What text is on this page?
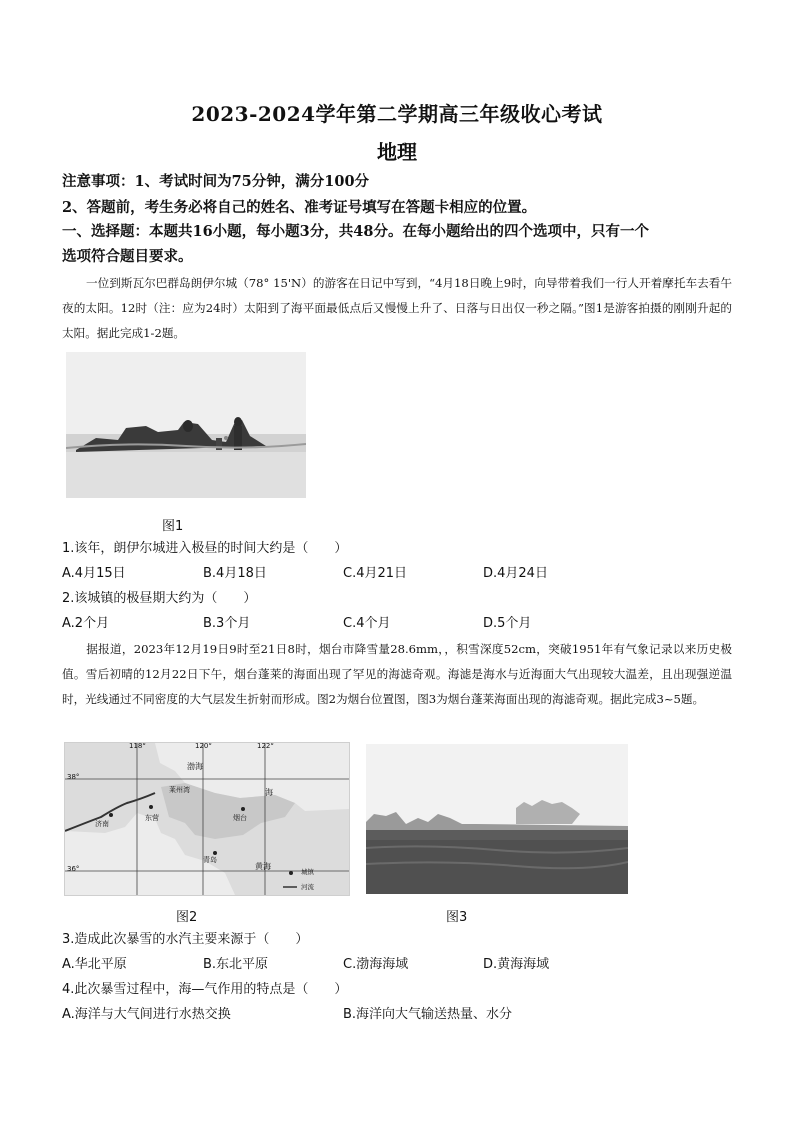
2023-2024学年第二学期高三年级收心考试
地理
注意事项：1、考试时间为75分钟，满分100分
2、答题前，考生务必将自己的姓名、准考证号填写在答题卡相应的位置。
一、选择题：本题共16小题，每小题3分，共48分。在每小题给出的四个选项中，只有一个
选项符合题目要求。
一位到斯瓦尔巴群岛朗伊尔城（78° 15'N）的游客在日记中写到，“4月18日晚上9时，向导带着我们一行人开着摩托车去看午夜的太阳。12时（注：应为24时）太阳到了海平面最低点后又慢慢上升了、日落与日出仅一秒之隔。”图1是游客拍摄的刚刚升起的太阳。据此完成1-2题。
图1
1.该年，朗伊尔城进入极昼的时间大约是（　　）
A.4月15日	B.4月18日	C.4月21日	D.4月24日
2.该城镇的极昼期大约为（　　）
A.2个月	B.3个月	C.4个月	D.5个月
据报道，2023年12月19日9时至21日8时，烟台市降雪量28.6mm，，积雪深度52cm，突破1951年有气象记录以来历史极值。雪后初晴的12月22日下午，烟台蓬莱的海面出现了罕见的海滤奇观。海滤是海水与近海面大气出现较大温差，且出现强逆温时，光线通过不同密度的大气层发生折射而形成。图2为烟台位置图，图3为烟台蓬莱海面出现的海滤奇观。据此完成3~5题。
118°	120°	122°
38°
36°
渤海
海
莱州湾
济南
东营	烟台
青岛
黄海
城镇
河流
图2	图3
3.造成此次暴雪的水汽主要来源于（　　）
A.华北平原	B.东北平原	C.渤海海域	D.黄海海域
4.此次暴雪过程中，海—气作用的特点是（　　）
A.海洋与大气间进行水热交换	B.海洋向大气输送热量、水分
